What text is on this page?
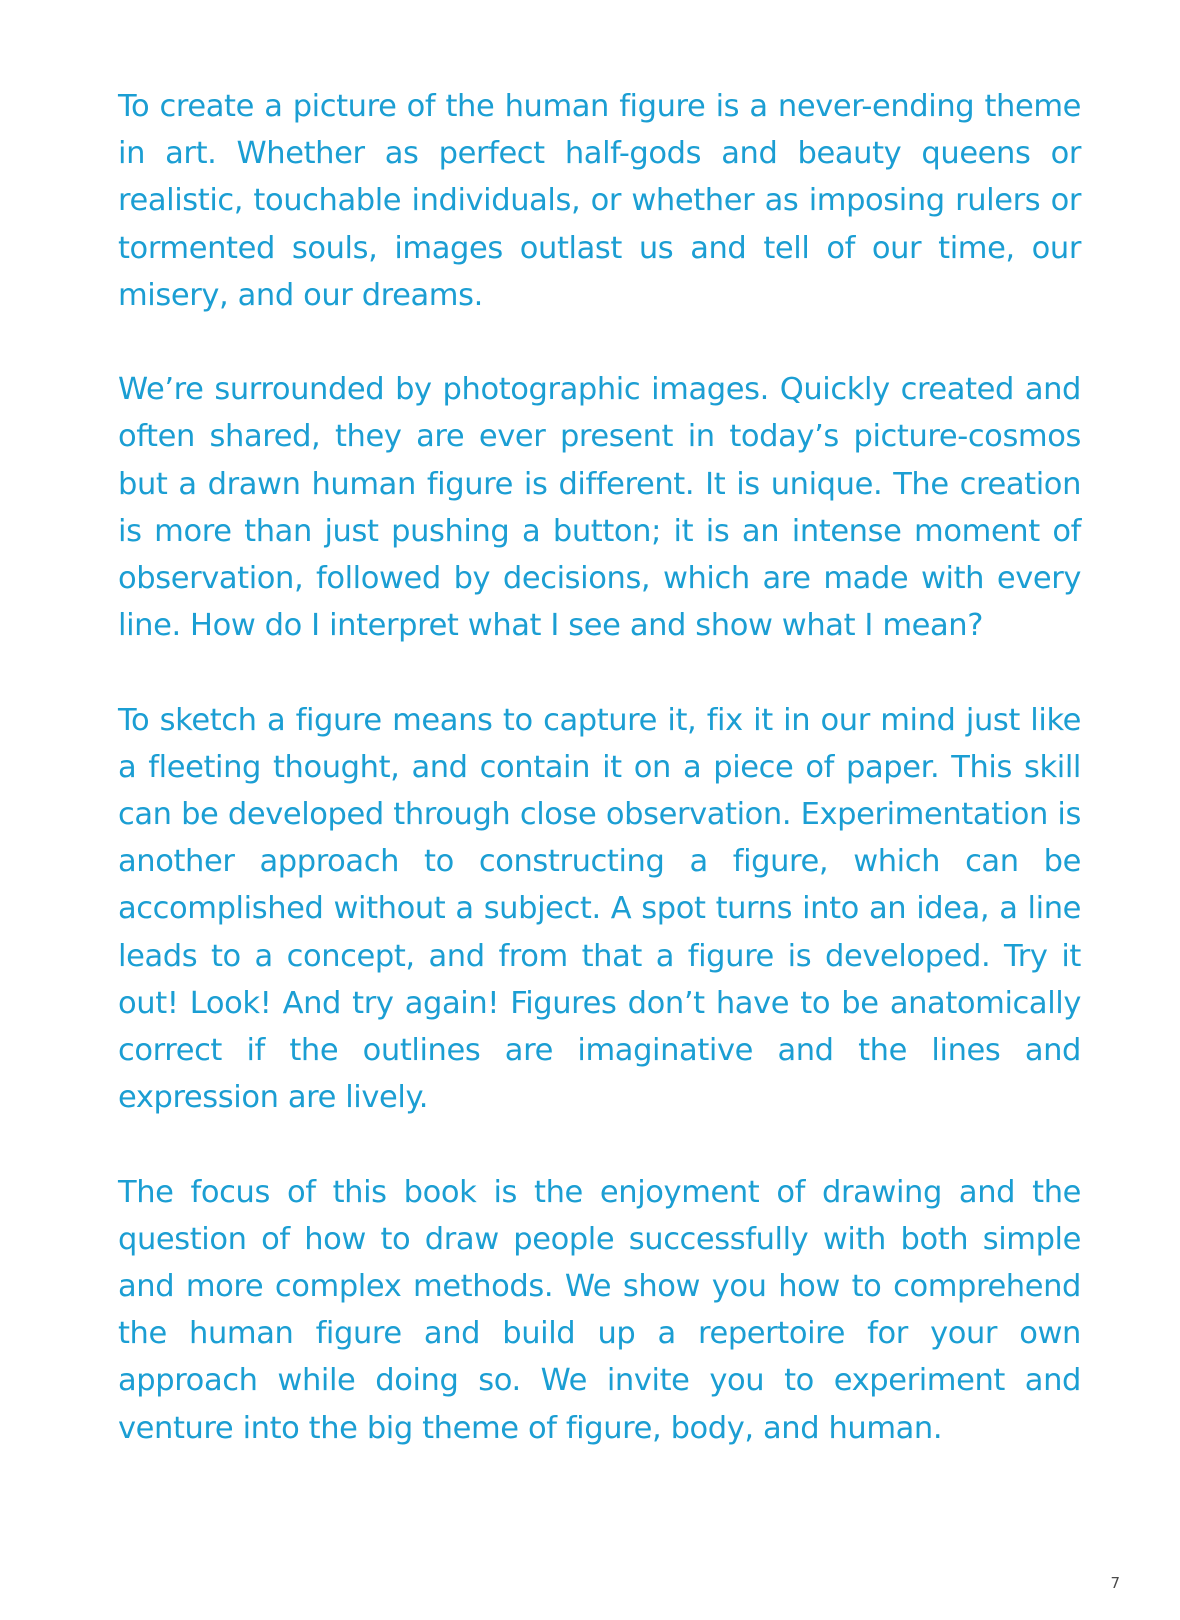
To create a picture of the human figure is a never-ending theme in art. Whether as perfect half-gods and beauty queens or realistic, touchable individuals, or whether as imposing rulers or tormented souls, images outlast us and tell of our time, our misery, and our dreams.

We’re surrounded by photographic images. Quickly created and often shared, they are ever present in today’s picture-cosmos but a drawn human figure is different. It is unique. The creation is more than just pushing a button; it is an intense moment of observation, followed by decisions, which are made with every line. How do I interpret what I see and show what I mean?

To sketch a figure means to capture it, fix it in our mind just like a fleeting thought, and contain it on a piece of paper. This skill can be developed through close observation. Experimentation is another approach to constructing a figure, which can be accomplished without a subject. A spot turns into an idea, a line leads to a concept, and from that a figure is developed. Try it out! Look! And try again! Figures don’t have to be anatomically correct if the outlines are imaginative and the lines and expression are lively.

The focus of this book is the enjoyment of drawing and the question of how to draw people successfully with both simple and more complex methods. We show you how to comprehend the human figure and build up a repertoire for your own approach while doing so. We invite you to experiment and venture into the big theme of figure, body, and human.

7
